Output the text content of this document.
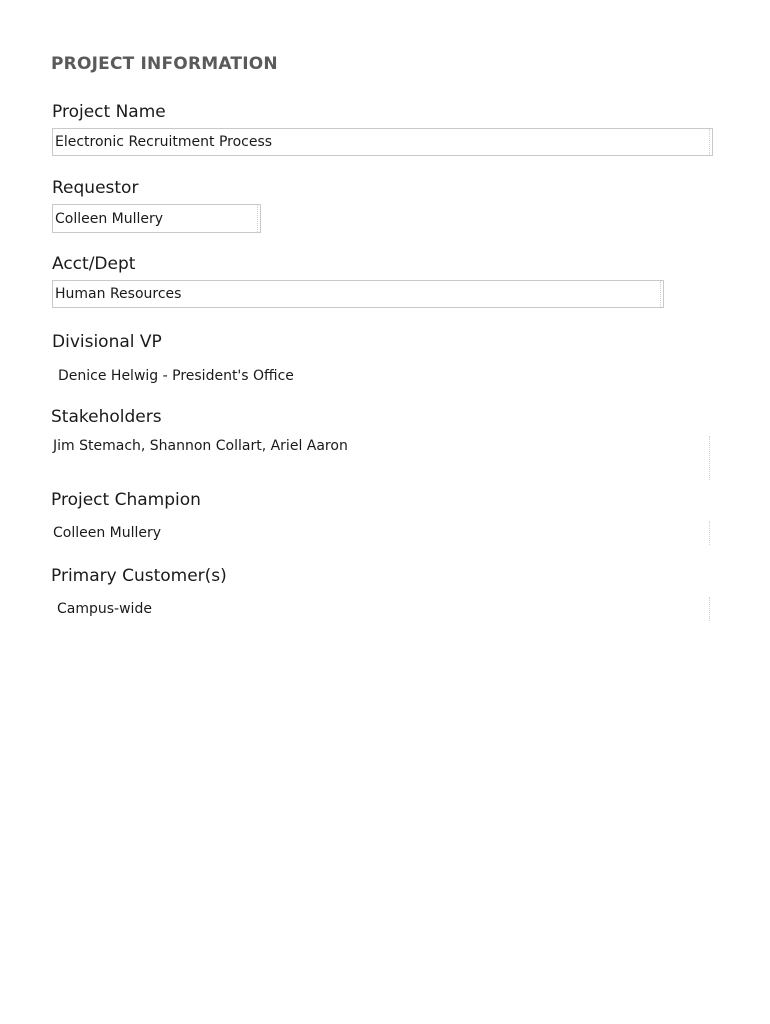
PROJECT INFORMATION
Project Name
Electronic Recruitment Process
Requestor
Colleen Mullery
Acct/Dept
Human Resources
Divisional VP
Denice Helwig - President's Office
Stakeholders
Jim Stemach, Shannon Collart, Ariel Aaron
Project Champion
Colleen Mullery
Primary Customer(s)
Campus-wide
